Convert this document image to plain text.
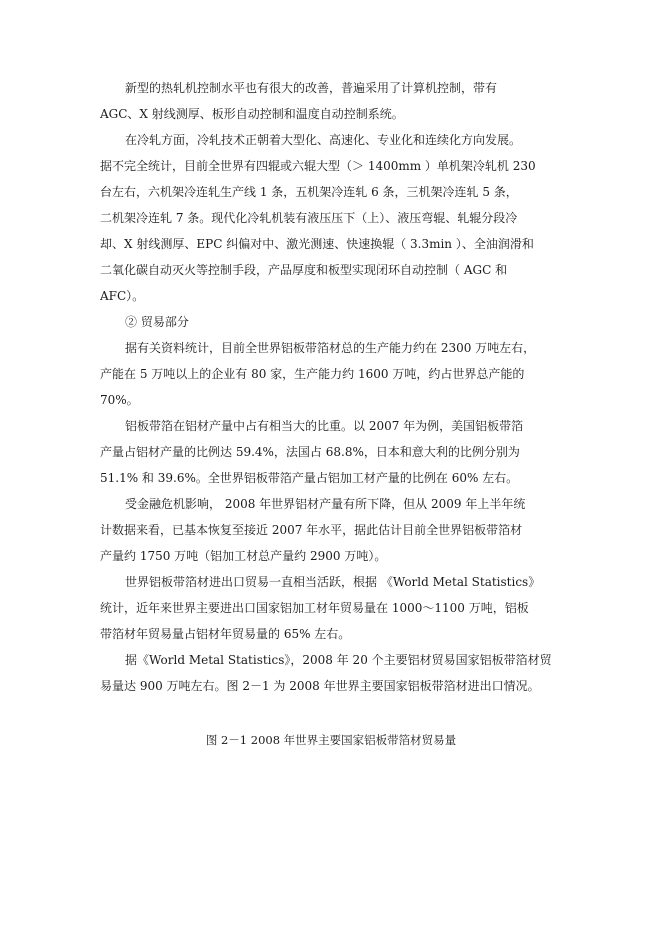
新型的热轧机控制水平也有很大的改善，普遍采用了计算机控制，带有
AGC、X 射线测厚、板形自动控制和温度自动控制系统。
在冷轧方面，冷轧技术正朝着大型化、高速化、专业化和连续化方向发展。
据不完全统计，目前全世界有四辊或六辊大型（＞ 1400mm ）单机架冷轧机 230
台左右，六机架冷连轧生产线 1 条，五机架冷连轧 6 条，三机架冷连轧 5 条，
二机架冷连轧 7 条。现代化冷轧机装有液压压下（上）、液压弯辊、轧辊分段冷
却、X 射线测厚、EPC 纠偏对中、激光测速、快速换辊（ 3.3min ）、全油润滑和
二氧化碳自动灭火等控制手段，产品厚度和板型实现闭环自动控制（ AGC 和
AFC）。
② 贸易部分
据有关资料统计，目前全世界铝板带箔材总的生产能力约在 2300 万吨左右，
产能在 5 万吨以上的企业有 80 家，生产能力约 1600 万吨，约占世界总产能的
70%。
铝板带箔在铝材产量中占有相当大的比重。以 2007 年为例，美国铝板带箔
产量占铝材产量的比例达 59.4%，法国占 68.8%，日本和意大利的比例分别为
51.1% 和 39.6%。全世界铝板带箔产量占铝加工材产量的比例在 60% 左右。
受金融危机影响， 2008 年世界铝材产量有所下降，但从 2009 年上半年统
计数据来看，已基本恢复至接近 2007 年水平，据此估计目前全世界铝板带箔材
产量约 1750 万吨（铝加工材总产量约 2900 万吨）。
世界铝板带箔材进出口贸易一直相当活跃，根据 《World Metal Statistics》
统计，近年来世界主要进出口国家铝加工材年贸易量在 1000～1100 万吨，铝板
带箔材年贸易量占铝材年贸易量的 65% 左右。
据《World Metal Statistics》，2008 年 20 个主要铝材贸易国家铝板带箔材贸
易量达 900 万吨左右。图 2－1 为 2008 年世界主要国家铝板带箔材进出口情况。
图 2－1 2008 年世界主要国家铝板带箔材贸易量
